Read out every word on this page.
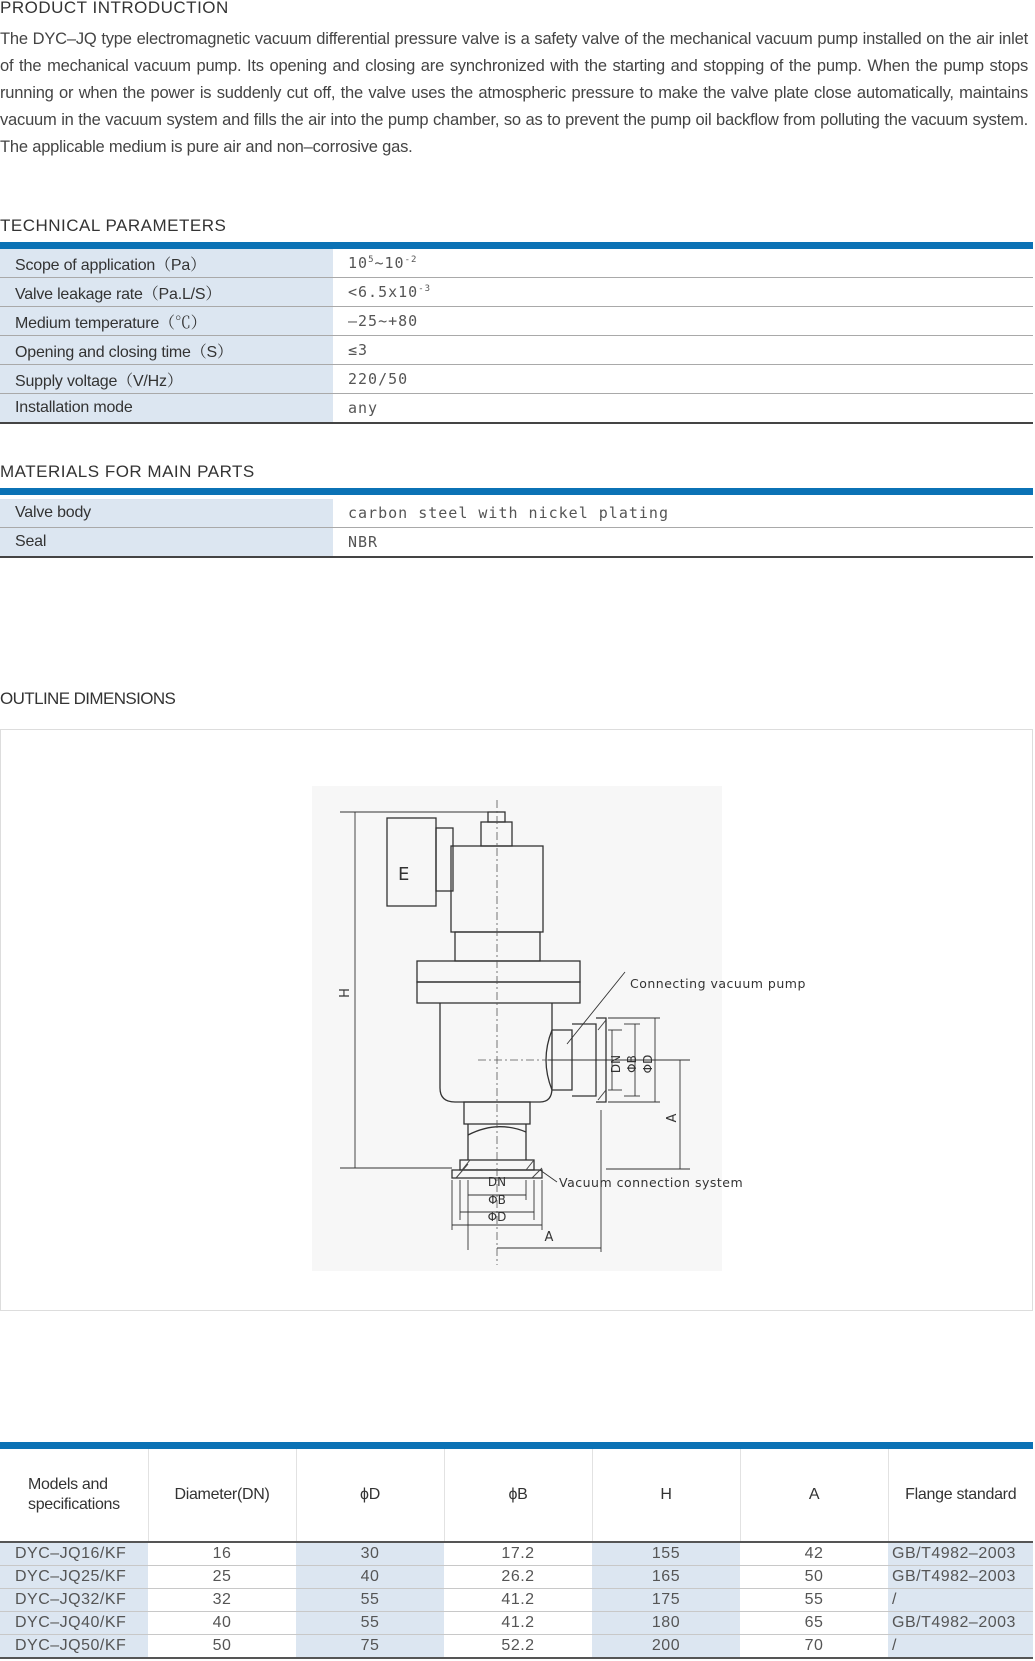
PRODUCT INTRODUCTION

The DYC–JQ type electromagnetic vacuum differential pressure valve is a safety valve of the mechanical vacuum pump installed on the air inlet of the mechanical vacuum pump. Its opening and closing are synchronized with the starting and stopping of the pump. When the pump stops running or when the power is suddenly cut off, the valve uses the atmospheric pressure to make the valve plate close automatically, maintains vacuum in the vacuum system and fills the air into the pump chamber, so as to prevent the pump oil backflow from polluting the vacuum system. The applicable medium is pure air and non–corrosive gas.

TECHNICAL PARAMETERS
Scope of application（Pa）	$10^5\sim 10^{-2}$
Valve leakage rate（Pa.L/S）	$<6.5x10^{-3}$
Medium temperature（℃）	–25~+80
Opening and closing time（S）	≤3
Supply voltage（V/Hz）	220/50
Installation mode	any
MATERIALS FOR MAIN PARTS
Valve body	carbon steel with nickel plating
Seal	NBR
OUTLINE DIMENSIONS
E
Connecting vacuum pump
Vacuum connection system
H
A
A
DN ΦB ΦD
DN
ΦB
ΦD
Models and specifications	Diameter(DN)	ϕD	ϕB	H	A	Flange standard
DYC–JQ16/KF	16	30	17.2	155	42	GB/T4982–2003
DYC–JQ25/KF	25	40	26.2	165	50	GB/T4982–2003
DYC–JQ32/KF	32	55	41.2	175	55	/
DYC–JQ40/KF	40	55	41.2	180	65	GB/T4982–2003
DYC–JQ50/KF	50	75	52.2	200	70	/
